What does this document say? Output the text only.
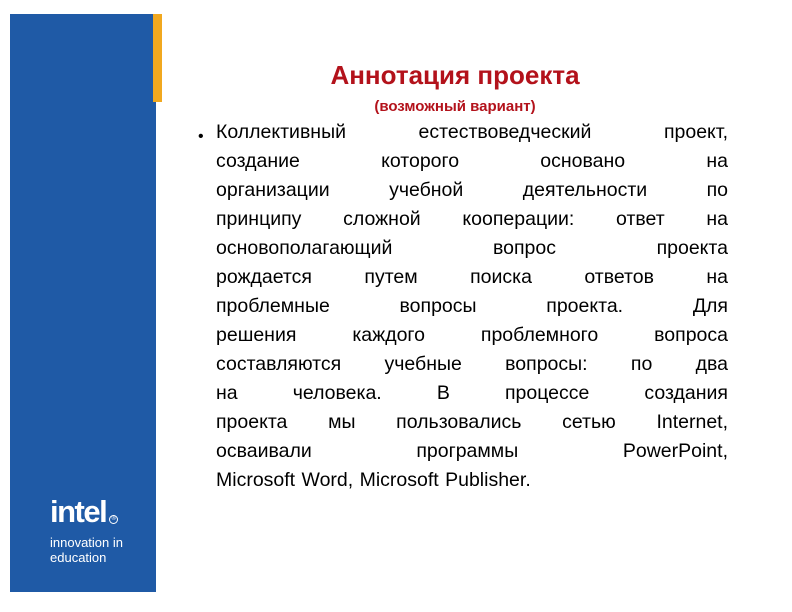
intel ®
innovation in
education
Аннотация проекта
(возможный вариант)
• Коллективный естествоведческий проект,
создание которого основано на
организации учебной деятельности по
принципу сложной кооперации: ответ на
основополагающий вопрос проекта
рождается путем поиска ответов на
проблемные вопросы проекта. Для
решения каждого проблемного вопроса
составляются учебные вопросы: по два
на человека. В процессе создания
проекта мы пользовались сетью Internet,
осваивали программы PowerPoint,
Microsoft Word, Microsoft Publisher.
